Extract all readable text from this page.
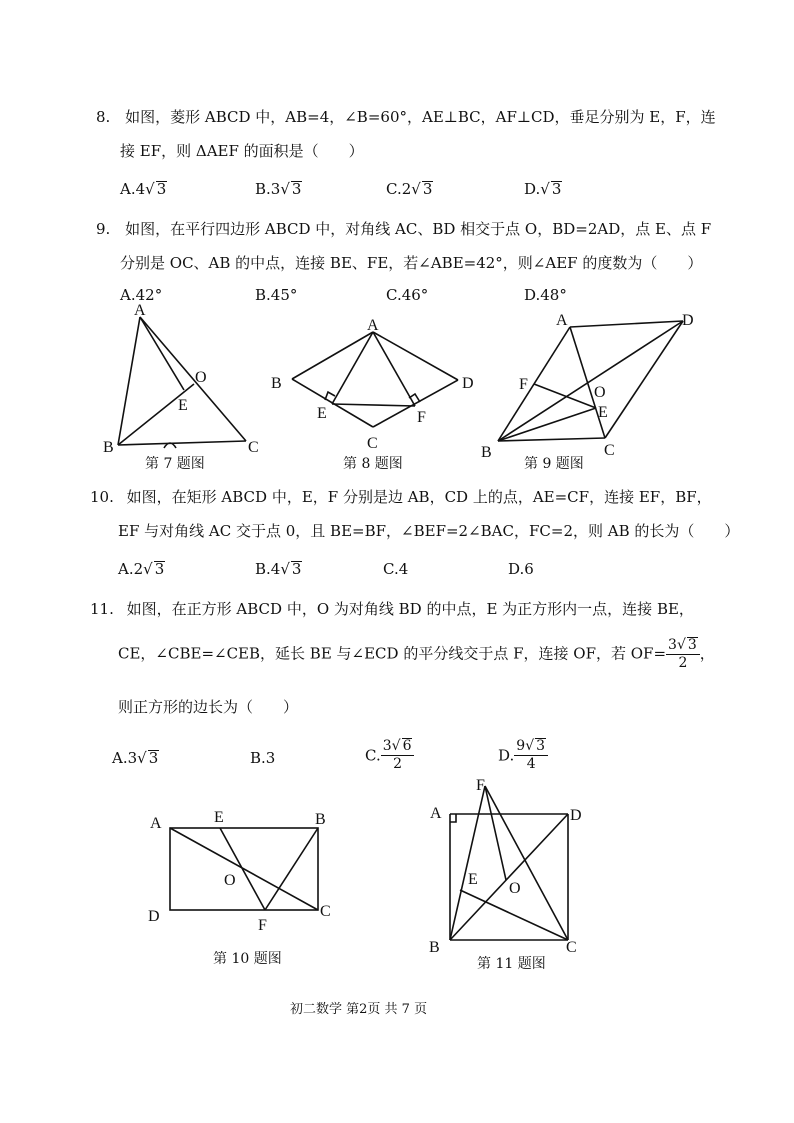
8. 如图，菱形 ABCD 中，AB=4，∠B=60°，AE⊥BC，AF⊥CD，垂足分别为 E，F，连
接 EF，则 ΔAEF 的面积是（　　）
A.4√ 3	B.3√ 3	C.2√ 3	D.√ 3
9. 如图，在平行四边形 ABCD 中，对角线 AC、BD 相交于点 O，BD=2AD，点 E、点 F
分别是 OC、AB 的中点，连接 BE、FE，若∠ABE=42°，则∠AEF 的度数为（　　）
A.42°	B.45°	C.46°	D.48°
A
B	C
O
E
第 7 题图
A
B
C
D
E	F
第 8 题图
A
B	C
D
E
F	O
第 9 题图
10. 如图，在矩形 ABCD 中，E，F 分别是边 AB，CD 上的点，AE=CF，连接 EF，BF，
EF 与对角线 AC 交于点 0，且 BE=BF，∠BEF=2∠BAC，FC=2，则 AB 的长为（　　）
A.2√ 3	B.4√ 3	C.4	D.6
11. 如图，在正方形 ABCD 中，O 为对角线 BD 的中点，E 为正方形内一点，连接 BE，
CE，∠CBE=∠CEB，延长 BE 与∠ECD 的平分线交于点 F，连接 OF，若 $OF= \frac{3√ 3}{2}$ ，
则正方形的边长为（　　）
A.3√ 3	B.3	C. $\frac{3√ 6}{2}$	D. $\frac{9√ 3}{4}$
A	B
C
D
E
F
O
第 10 题图
A
B	C
D
E
F
O
第 11 题图
初二数学 第2页 共 7 页
